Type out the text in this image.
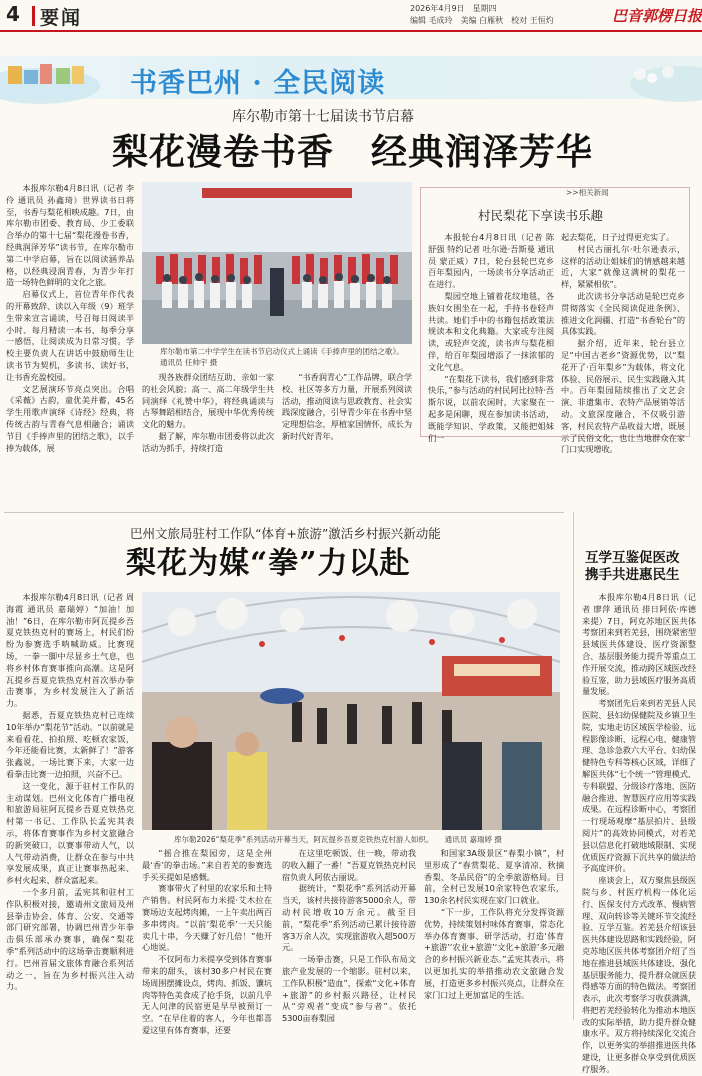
4 要闻	2026年4月9日　星期四
编辑 毛成玲　美编 白雁秋　校对 王恒灼	巴音郭楞日报
书香巴州 · 全民阅读
库尔勒市第十七届读书节启幕
梨花漫卷书香　经典润泽芳华

本报库尔勒4月8日讯（记者 李伶 通讯员 孙鑫琦）世界读书日将至，书香与梨花相映成趣。7日，由库尔勒市团委、教育局、少工委联合举办的第十七届“梨花漫卷书香，经典润泽芳华”读书节，在库尔勒市第二中学启幕，旨在以阅读涵养品格，以经典浸润青春，为青少年打造一场特色鲜明的文化之旅。

启幕仪式上，首位青年作代表的开幕致辞、读以入年级（9）班学生带来宣言诵读，号召每日阅读半小时、每月精读一本书、每季分享一感悟，让阅读成为日常习惯。学校主要负责人在讲话中鼓励师生让读书节为契机，多读书、读好书，让书香充盈校园。

文艺展演环节亮点突出。合唱《采薇》古韵，童优美并蓄，45名学生用歌声演绎《诗经》经典，将传统古韵与青春气息相融合；诵读节目《手捧声里的团结之歌》，以手捧为载体，展

库尔勒市第二中学学生在读书节启动仪式上诵读《手捧声里的团结之歌》。　　通讯员 任帅宇 摄

现各族群众团结互助、亲如一家的社会风貌；高一、高二年级学生共同演绎《礼赞中华》，将经典诵读与古琴舞蹈相结合，展现中华优秀传统文化的魅力。
　　据了解，库尔勒市团委将以此次活动为抓手，持续打造

“书香润青心”工作品牌，联合学校、社区等多方力量，开展系列阅读活动，推动阅读与思政教育、社会实践深度融合，引导青少年在书香中坚定理想信念，厚植家国情怀，成长为新时代好青年。

>>相关新闻
村民梨花下享读书乐趣

本报轮台4月8日讯（记者 陈舒强 特约记者 吐尔逊·吾斯曼 通讯员 蒙正威）7日，轮台县轮巴克乡百年梨园内，一场读书分享活动正在进行。

梨园空地上铺着花纹地毯，各族妇女围坐在一起，手持书卷轻声共读。她们手中的书籍包括政策法规读本和文化典籍。大家或专注阅读，或轻声交流，读书声与梨花相伴，给百年梨园增添了一抹浓郁的文化气息。

“在梨花下读书，我们感到非常快乐，”参与活动的村民阿比拉特·吾斯尔说，以前农闲时，大家聚在一起多是闲聊，现在参加读书活动，既能学知识、学政策，又能把姐妹们一

起去梨花，日子过得更充实了。

村民古丽扎尔·吐尔逊表示，这样的活动让姐妹们的情感越来越近，大家“就像这满树的梨花一样，紧紧相依”。

此次读书分享活动是轮巴克乡贯彻落实《全民阅读促进条例》、推进文化润疆、打造“书香轮台”的具体实践。

据介绍，近年来，轮台县立足“中国古老乡”资源优势，以“梨花开了·百年梨乡”为载体，将文化体验、民俗展示、民生实践融入其中。百年梨园陆续推出了文艺会演、非遗集市、农特产品展销等活动。文旅深度融合，不仅吸引游客，村民农特产品收益大增，既展示了民俗文化，也让当地群众在家门口实现增收。

巴州文旅局驻村工作队“体育+旅游”激活乡村振兴新动能
梨花为媒“拳”力以赴

本报库尔勒4月8日讯（记者 周海霞 通讯员 嘉瑞婷）“加油！加油！”6日，在库尔勒市阿瓦提乡吾夏克铁热克村的赛场上，村民们纷纷为参赛选手呐喊助威。比赛现场，一拳一脚中尽显乡土气息，也将乡村体育赛事推向高潮。这是阿瓦提乡吾夏克铁热克村首次举办拳击赛事，为乡村发展注入了新活力。

据悉，吾夏克铁热克村已连续10年举办“梨花节”活动。“以前就是来看看花、拍拍照、吃顿农家饭，今年还能看比赛，太新鲜了！”游客张鑫说，一场比赛下来，大家一边看拳击比赛一边拍照，兴奋不已。

这一变化，源于驻村工作队的主动谋划。巴州文化体育广播电视和旅游局驻阿瓦提乡吾夏克铁热克村第一书记、工作队长孟宪其表示，将体育赛事作为乡村文旅融合的新突破口，以赛事带动人气，以人气带动消费，让群众在参与中共享发展成果，真正让赛事热起来、乡村火起来、群众富起来。

一个多月前，孟宪其和驻村工作队积极对接，邀请州文旅局及州县拳击协会、体育、公安、交通等部门研究部署，协调巴州青少年拳击俱乐部承办赛事，确保“梨花季”系列活动中的这场拳击赛顺利进行。巴州首届文旅体育融合系列活动之一，旨在为乡村振兴注入动力。

库尔勒2026“梨花季”系列活动开幕当天，阿瓦提乡吾夏克铁热克村游人如织。　　通讯员 嘉瑞婷 摄

“摇合推在梨园旁，这是全州最‘香’的拳击场。”来自若羌的参赛选手买买提如是感慨。
　　赛事带火了村里的农家乐和土特产销售。村民阿布力米提·艾木拉在赛场边支起烤肉摊，一上午卖出两百多串烤肉。“以前‘梨花季’一天只能卖几十串，今天赚了好几倍！”他开心地说。
　　不仅阿布力米提享受到体育赛事带来的甜头，该村30多户村民在赛场周围摆摊设点，烤肉、抓饭、馕坑肉等特色美食成了抢手货，以前几乎无人问津的民宿更是早早被预订一空。“在早住着的客人，今年也都喜爱这里有体育赛事，还要

在这里吃顿饭、住一晚，带动我的收入翻了一番！”吾夏克铁热克村民宿负责人阿依古丽说。
　　据统计，“梨花季”系列活动开幕当天，该村共接待游客5000余人，带动村民增收10万余元。截至目前，“梨花季”系列活动已累计接待游客3万余人次，实现旅游收入超500万元。
　　一场拳击赛，只是工作队布局文旅产业发展的一个缩影。驻村以来，工作队积极“造血”，探索“文化+体育+旅游”的乡村振兴路径，让村民从“旁观者”变成“参与者”。依托5300亩春梨园

和国家3A级景区“春梨小镇”，村里形成了“春赏梨花、夏享清凉、秋摘香梨、冬品民俗”的全季旅游格局。目前，全村已发展10余家特色农家乐，130余名村民实现在家门口就业。
　　“下一步，工作队将充分发挥资源优势，持续策划村味体育赛事，常态化举办体育赛事、研学活动，打造‘体育+旅游’‘农业+旅游’‘文化+旅游’多元融合的乡村振兴新业态。”孟宪其表示，将以更加扎实的举措推动农文旅融合发展，打造更多乡村振兴亮点，让群众在家门口过上更加富足的生活。

互学互鉴促医改
携手共进惠民生

本报库尔勒4月8日讯（记者 廖萍 通讯员 排日阿依·库德来提）7日，阿克苏地区医共体考察团来到若羌县，围绕紧密型县域医共体建设、医疗资源整合、基层服务能力提升等重点工作开展交流，推动跨区域医改经验互鉴，助力县域医疗服务高质量发展。

考察团先后来到若羌县人民医院、县妇幼保健院及乡镇卫生院，实地走访区域医学检验、远程影像诊断、远程心电、健康管理、急诊急救六大平台、妇幼保健特色专科等核心区域，详细了解医共体“七个统一”管理模式、专科联盟、分级诊疗落地、医防融合推进、智慧医疗应用等实践成果。在远程诊断中心，考察团一行现场观摩“基层拍片、县级阅片”的高效协同模式，对若羌县以信息化打破地域限制、实现优质医疗资源下沉共享的做法给予高度评价。

座谈会上，双方聚焦县级医院与乡、村医疗机构一体化运行、医保支付方式改革、慢病管理、双向转诊等关键环节交流经验、互学互鉴。若羌县介绍该县医共体建设思路和实践经验，阿克苏地区医共体考察团介绍了当地在推进县域医共体建设、强化基层服务能力、提升群众就医获得感等方面的特色做法。考察团表示，此次考察学习收获满满，将把若羌经验转化为推动本地医改的实际举措，助力提升群众健康水平。双方将持续深化交流合作，以更务实的举措推进医共体建设，让更多群众享受到优质医疗服务。
